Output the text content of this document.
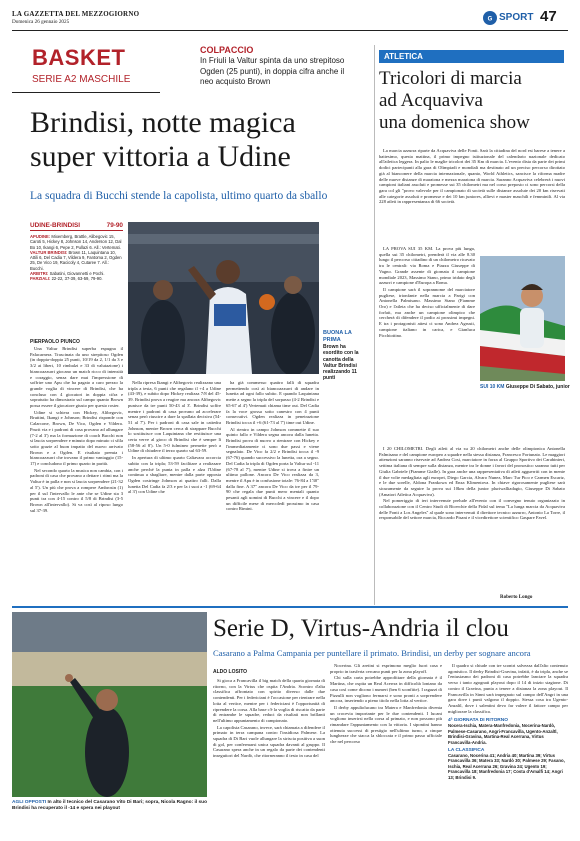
LA GAZZETTA DEL MEZZOGIORNO
Domenica 26 gennaio 2025	G SPORT 47
BASKET
SERIE A2 MASCHILE
COLPACCIO
In Friuli la Valtur spinta da uno strepitoso Ogden (25 punti), in doppia cifra anche il neo acquisto Brown
Brindisi, notte magica
super vittoria a Udine
La squadra di Bucchi stende la capolista, ultimo quarto da sballo
UDINE-BRINDISI	79-90
APUDINE: Mixemberg, Brattle, Alibegovic 15, Caroti 5, Hickey 8, Johnson 14, Anderson 12, Dal Bo 10, Ikangi 6, Pepe 2, Pullazi 6. All.: Vertemati.
VALTUR BRINDISI: Brown 11, Laquintana 10, Attili 6, Del Cadia 7, Vildera 9, Fantoma 2, Ogden 25, De Vico 19, Racicoly 4, Cutaree 7. All.: Bucchi.
ARBITRI: Sabatini, Giovannetti e Pochi.
PARZIALI: 22-22, 37-39, 63-59, 79-90.
PIERPAOLO PIUNCO
BUONA LA PRIMA
Brown ha esordito con la canotta della Valtur Brindisi realizzando 11 punti

Una Valtur Brindisi superba espugna il Palacarnera. Trascinata da uno strepitoso Ogden (in doppia-doppia 25 punti, 10/19 da 2, 1/1 da 3 e 3/2 ai liberi, 10 rimbalzi e 33 di valutazione) i biancoazzurri giocano un match ricco di intensità e coraggio, senza dare mai l'impressione di soffrire uno Apu che ha pagato a caro prezzo la grande voglia di vincere di Brindisi, che ha concluso con 4 giocatori in doppia cifra e sopratutto ha dimostrato sul campo quanto Brown possa essere il giocatore giusto per questo roster.

Udine si schiera con Hickey, Alibegovic, Bruttini, Ikangi e Johnson; Brindisi risponde con Calarcone, Brown, De Vico, Ogden e Vildera. Prurit via e i padroni di casa provano ad allungare (7-2 al 3') ma la formazione di coach Bucchi non si lascia sorprendere e minuto dopo minuto ci sfila sotto grazie al buon impatto del nuovo arrivato Brown e a Ogden. E risultato premia i biancoazzurri che trovano il primo vantaggio (15-17) e concludono il primo quarto in parità.

Nel secondo quarto la musica non cambia, con i padroni di casa che provano a dettare i ritmi ma la Valtur è in palla e non si lascia sorprendere (21-32 al 5'). Un più che prova a rompere Ambrosin (1) per il sul l'intervallo le ante che se Udine sta 3 punti tra con 4-15 contro il 5/8 di Brindisi (3-5 Brown all'intervallo). Si va così al riposo lungo sul 37-39.

Nella ripresa Ikangi e Alibegovic realizzano una tripla a testa, 6 punti che regalano il +4 a Udine (43-39), e subito dopo Hickey realizza 7/8 del 45-39. Brindisi prova a reagire ma ancora Alibegovic punisce da tre punti 50-43 al 3'. Brindisi soffre mentre i padroni di casa provano ad accelerare senza però riuscire a dare la spallata decisiva (54-51 al 7'). Per i padroni di casa sale in cattedra Johnson, mentre Brown cerca di strappare Bucchi lo sostituisce con Laquintana che restituisce una certa verve al gioco di Brindisi che è sempre lì (58-56 al 8'). Un 5-0 fulmineo permette però a Udine di chiudere il terzo quarto sul 63-59.

In apertura di ultimo quarto Caliavara accorcia subito con la tripla; 53-59 facilitare a realizzare anche perché la punta in palla e alza l'Udine continua a sbagliare, mentre dalla parte opposta Ogden costringe Johnson ai quattro falli. Dalla lunetta Del Cadia fa 2/3 e per la i suoi a -1 (69-64 al 3') con Udine che

ha già commesso quattro falli di squadra permettendo così ai biancoazzurri di andare in lunetta ad ogni fallo subito. E quando Laquintana mette a segno la tripla del sorpasso (4-2 Brindisi e 65-67 al 4') Vertemati chiama time out. Del Cadia fa la voce grossa sotto canestro con 4 punti consecutivi. Ogden realizza in penetrazione Brindisi tocca il +6 (61-73 al 7') time out Udine.

Al rientro in campo Johnson commette il suo quinto fallo e Vildera segna ancora dalla lunetta. Brindisi prova di nuovo a rientrare con Hickey e l'immediatamente ci sono due passi e viene segnalato. De Vico fa 2/2 e Brindisi tocca il -9 (67-76) quando successivo la lunetta, ora a segno. Del Cadia la tripla di Ogden porta la Valtur sul -11 (67-78 al 7'), mentre Udine si trova a finire un ultimo pallone. Ancora De Vico realizza da 3, mentre il Apu è in confusione totale: 76-84 a 1'30" dalla fine. A 37" ancora De Vico da tre per il 79-90 che regala due punti mero mentali quanto pesanti agli uomini di Bucchi a vincere e il dopo un difficile mese di mercoledì prossimo in casa contro Rimini.

ATLETICA
Tricolori di marcia
ad Acquaviva
una domenica show

La marcia azzurra riparte da Acquaviva delle Fonti. Sarà la cittadina del nord est barese a tenere a battesimo, questa mattina, il primo impegno istituzionale del calendario nazionale dedicato all'atletica leggera. In palio le maglie tricolori dei 35 Km di marcia. L'evento dista da parte dei primi dodici partecipanti alla gara di Olimpiadi e mondiali ma destinato ad un preciso percorso dirottato già al bianconere della marcia internazionale, quanto, World Athletics, sancisce la riforma madre delle nuove distanze di maratona e mezza maratona di marcia. Saranno Acquaviva celebrerà i nuovi campioni italiani assoluti e promesse sui 35 chilometri ma nel corso preposto ci sono percorsi della gara col gli "provo valevole per il campionato di società sulle distanze assolute dei 20 km riservati alle categorie assoluti e promesse e dei 10 km juniores, allievi e master maschili e femminili. Al via 228 atleti in rappresentanza di 66 società.

LA PROVA SUI 35 KM. La prova più lunga, quella sui 35 chilometri, prenderà il via alle 8.30 lungo il percorso cittadino di un chilometro ricavato tra le centrali: via Roma e Piazza Giuseppe di Vagno. Grande assente di giornata il campione mondiale 2023, Massimo Stano, primo iridato degli azzurri e campione d'Europa a Roma.

Il campione sarà il soprannome del marciatore pugliese, trionfante nella marcia a Parigi con Antonella Palmisano. Massimo Stano (Fiamme Oro) e l'atleta che ha deciso ufficialmente di dare forfait, ma anche un campione olimpico che cercherà di difendere il podio ai prossimi impegni. E tra i protagonisti attesi ci sono Andrea Agrusti, campione italiano in carica, e Gianluca Picchiottino.

SUI 10 KM Giuseppe Di Sabato, junior

I 20 CHILOMETRI. Degli atleti al via su 20 chilometri anche delle olimpionica Antonella Palmisano e del campione europeo a squadre nella stessa distanza, Francesco Fortunato. Le maggiori attenzioni saranno riservate ad Andrea Cosi, marciatore in forza al Gruppo Sportivo dei Carabinieri, settima italiana di sempre sulla distanza, mentre tra le donne i favori del pronostico saranno tutti per Giulia Gabriele (Fiamme Gialle). In gara anche una rappresentativa di atleti agguerriti con in mente il due volte medagliata agli europei, Diego Garcia, Alvaro Nunez, Marc Tur Pico e Carmen Escariz, e le due sorelle, Aldona Frankowa ed Enza Klimentova. In chiave rigorosamente pugliese sarà sicuramente da seguire la prova sui 10km della junior pluriwalliadagio, Giuseppe Di Sabato (Amatori Atletica Acquaviva).

Nel pomeriggio di ieri intervenute prelude all'evento con il convegno tenuto organizzato in collaborazione con il Centro Studi di Bicerchie della Fidal sul tema "La lunga marcia da Acquaviva delle Fonti a Los Angeles" al quale sono intervenuti il direttore tecnico azzurro, Antonio La Torre, il responsabile del settore marcia, Riccardo Pisani e il vicedirettore scientifico Gaspare Favel.

Roberto Longo
AGLI OPPOSTI In alto il tecnico del Casarano Vito Di Bari; sopra, Nicola Ragno: il suo Brindisi ha recuperato il -14 e spera nei playout
Serie D, Virtus-Andria il clou
Casarano a Palma Campania per puntellare il primato. Brindisi, un derby per sognare ancora
ALDO LOSITO

Si gioca a Francavilla il big match della quarta giornata di ritorno, con la Virtus che ospita l'Andria. Scontro d'alta classifica affrontato con spirito diverso dalle due contendenti. Per i federiciani è l'occasione per rientrare nella lotta al vertice, mentre per i federiciani è l'opportunità di riprendere la corsa. Alla base c'è la voglia di riscatto da parte di entrambe le squadre, reduci da risultati non brillanti nell'ultimo appuntamento di campionato.

La capolista Casarano, invece, sarà chiamata a difendere il primato in terra campana contro l'insidiosa Palmese. La squadra di Di Bari vuole allungare la striscia positiva a suon di gol, per confermarsi unica squadra davanti al gruppo. Il Casarano spera anche in un regalo da parte dei contendenti inseguitori del Nardò, che ritorneranno il testo in casa del

Nocerina. Gli aretini si esprimono meglio fuori casa e proprio in trasferta cercano punti per la zona playoff.

Chi sulla carta potrebbe approfittare della giornata è il Martina, che ospita un Real Acerrra in difficoltà lontano da casa così come dicono i numeri (ben 6 sconfitte). I ragazzi di Pizzulli non vogliono fermarsi e sono pronti a sorprendere ancora, inseriendo a pieno titolo nella lotta al vertice.

Il derby appuliolucano tra Matera e Manfredonia diventa un crocevia importante per le due contendenti. I lucani vogliono inserirsi nella corsa al primato, e non possono più rimandare l'appuntamento con la vittoria. I sipontini hanno ottenuta successi di prestigio nell'ultimo turno, a cinque lunghezze che stacca la sbloccata e il primo passo ufficiale che nel percorso

Il quadro si chiude con tre scontri salvezza dall'alto contenuto agonistico. Il derby Brindisi-Gravina, infatti, è da tripla, anche se l'entusiasmo dei padroni di casa potrebbe lanciare la squadra verso i tanto agognati playout dopo il 14 di inizio stagione. Di contro il Gravina, punta a tenere a distanza la zona playout. Il Francavilla in Sinni sarà impegnato sul campo dell'Angri in una gara dove i punti valgono il doppio. Stessa cosa tra Ugento-Anzaltl, dove i salentini devo far valere il fattore campo per migliorare la classifica.

4ª GIORNATA DI RITORNO
Nocera-Ischia, Matera-Manfredonia, Nocerina-Nardò, Palmese-Casarano, Angri-Francavilla, Ugento-Anzaltl, Brindisi-Gravina, Martina-Real Acerrana, Virtus Francavilla-Andria.
LA CLASSIFICA
Casarano, Nocerina 41; Andria 40; Martina 39; Virtus Francavilla 36; Matera 33; Nardò 30; Palmese 29; Fasano, Ischia, Real Acerrana 26; Gravina 24; Ugento 19; Francavilla 18; Manfredonia 17; Costa d'Amalfi 14; Angri 13; Brindisi 9.
